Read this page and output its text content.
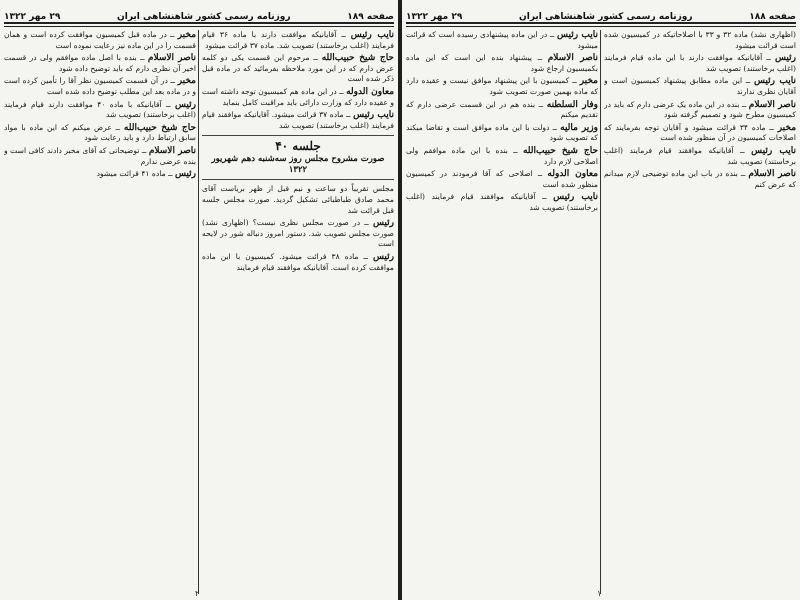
صفحه ۱۸۹
روزنامه رسمی کشور شاهنشاهی ایران
۲۹ مهر ۱۳۲۲

نایب رئیس ــ آقایانیکه موافقت دارند با ماده ۳۶ قیام فرمایند (اغلب برخاستند) تصویب شد. ماده ۳۷ قرائت میشود

حاج شیخ حبیب‌الله ــ مرحوم این قسمت یکی دو کلمه عرض دارم که در این مورد ملاحظه بفرمائید که در ماده قبل ذکر شده است

معاون الدوله ــ در این ماده هم کمیسیون توجه داشته است و عقیده دارد که وزارت دارائی باید مراقبت کامل بنماید

نایب رئیس ــ ماده ۳۷ قرائت میشود. آقایانیکه موافقند قیام فرمایند (اغلب برخاستند) تصویب شد

جلسه ۴۰
صورت مشروح مجلس روز سه‌شنبه دهم شهریور ۱۳۲۲

مجلس تقریباً دو ساعت و نیم قبل از ظهر بریاست آقای محمد صادق طباطبائی تشکیل گردید. صورت مجلس جلسه قبل قرائت شد

رئیس ــ در صورت مجلس نظری نیست؟ (اظهاری نشد) صورت مجلس تصویب شد. دستور امروز دنباله شور در لایحه است

رئیس ــ ماده ۳۸ قرائت میشود. کمیسیون با این ماده موافقت کرده است. آقایانیکه موافقند قیام فرمایند

مخبر ــ در ماده قبل کمیسیون موافقت کرده است و همان قسمت را در این ماده نیز رعایت نموده است

ناصر الاسلام ــ بنده با اصل ماده موافقم ولی در قسمت اخیر آن نظری دارم که باید توضیح داده شود

مخبر ــ در آن قسمت کمیسیون نظر آقا را تأمین کرده است و در ماده بعد این مطلب توضیح داده شده است

رئیس ــ آقایانیکه با ماده ۴۰ موافقت دارند قیام فرمایند (اغلب برخاستند) تصویب شد

حاج شیخ حبیب‌الله ــ عرض میکنم که این ماده با مواد سابق ارتباط دارد و باید رعایت شود

ناصر الاسلام ــ توضیحاتی که آقای مخبر دادند کافی است و بنده عرضی ندارم

رئیس ــ ماده ۴۱ قرائت میشود

۲
صفحه ۱۸۸
روزنامه رسمی کشور شاهنشاهی ایران
۲۹ مهر ۱۳۲۲

(اظهاری نشد) ماده ۳۲ و ۳۳ با اصلاحاتیکه در کمیسیون شده است قرائت میشود

رئیس ــ آقایانیکه موافقت دارند با این ماده قیام فرمایند (اغلب برخاستند) تصویب شد

نایب رئیس ــ این ماده مطابق پیشنهاد کمیسیون است و آقایان نظری ندارند

ناصر الاسلام ــ بنده در این ماده یک عرضی دارم که باید در کمیسیون مطرح شود و تصمیم گرفته شود

مخبر ــ ماده ۳۴ قرائت میشود و آقایان توجه بفرمایند که اصلاحات کمیسیون در آن منظور شده است

نایب رئیس ــ آقایانیکه موافقند قیام فرمایند (اغلب برخاستند) تصویب شد

ناصر الاسلام ــ بنده در باب این ماده توضیحی لازم میدانم که عرض کنم

نایب رئیس ــ در این ماده پیشنهادی رسیده است که قرائت میشود

ناصر الاسلام ــ پیشنهاد بنده این است که این ماده بکمیسیون ارجاع شود

مخبر ــ کمیسیون با این پیشنهاد موافق نیست و عقیده دارد که ماده بهمین صورت تصویب شود

وفار السلطنه ــ بنده هم در این قسمت عرضی دارم که تقدیم میکنم

وزیر مالیه ــ دولت با این ماده موافق است و تقاضا میکند که تصویب شود

حاج شیخ حبیب‌الله ــ بنده با این ماده موافقم ولی اصلاحی لازم دارد

معاون الدوله ــ اصلاحی که آقا فرمودند در کمیسیون منظور شده است

نایب رئیس ــ آقایانیکه موافقند قیام فرمایند (اغلب برخاستند) تصویب شد

۱
